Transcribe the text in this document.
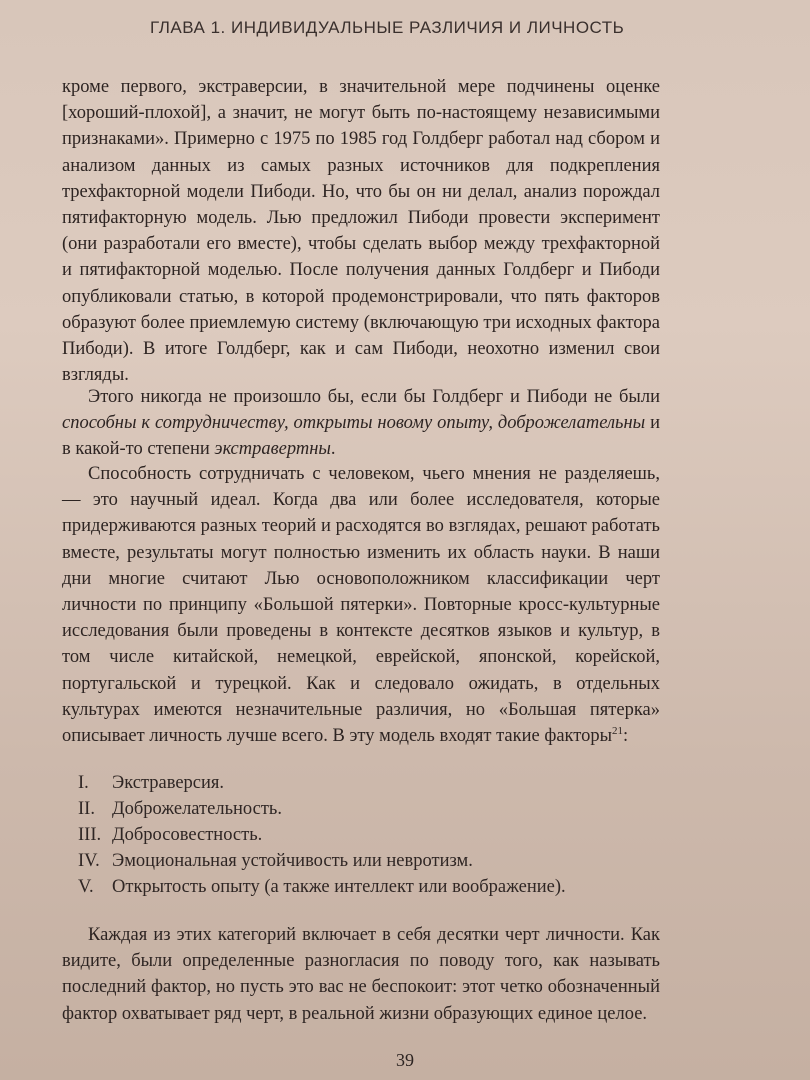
ГЛАВА 1. ИНДИВИДУАЛЬНЫЕ РАЗЛИЧИЯ И ЛИЧНОСТЬ

кроме первого, экстраверсии, в значительной мере подчинены оценке [хороший-плохой], а значит, не могут быть по-настоящему независимыми признаками». Примерно с 1975 по 1985 год Голдберг работал над сбором и анализом данных из самых разных источников для подкрепления трехфакторной модели Пибоди. Но, что бы он ни делал, анализ порождал пятифакторную модель. Лью предложил Пибоди провести эксперимент (они разработали его вместе), чтобы сделать выбор между трехфакторной и пятифакторной моделью. После получения данных Голдберг и Пибоди опубликовали статью, в которой продемонстрировали, что пять факторов образуют более приемлемую систему (включающую три исходных фактора Пибоди). В итоге Голдберг, как и сам Пибоди, неохотно изменил свои взгляды.

Этого никогда не произошло бы, если бы Голдберг и Пибоди не были способны к сотрудничеству, открыты новому опыту, доброжелательны и в какой-то степени экстравертны.

Способность сотрудничать с человеком, чьего мнения не разделяешь, — это научный идеал. Когда два или более исследователя, которые придерживаются разных теорий и расходятся во взглядах, решают работать вместе, результаты могут полностью изменить их область науки. В наши дни многие считают Лью основоположником классификации черт личности по принципу «Большой пятерки». Повторные кросс-культурные исследования были проведены в контексте десятков языков и культур, в том числе китайской, немецкой, еврейской, японской, корейской, португальской и турецкой. Как и следовало ожидать, в отдельных культурах имеются незначительные различия, но «Большая пятерка» описывает личность лучше всего. В эту модель входят такие факторы$^{21}$:

I. Экстраверсия.
II. Доброжелательность.
III. Добросовестность.
IV. Эмоциональная устойчивость или невротизм.
V. Открытость опыту (а также интеллект или воображение).

Каждая из этих категорий включает в себя десятки черт личности. Как видите, были определенные разногласия по поводу того, как называть последний фактор, но пусть это вас не беспокоит: этот четко обозначенный фактор охватывает ряд черт, в реальной жизни образующих единое целое.

39
